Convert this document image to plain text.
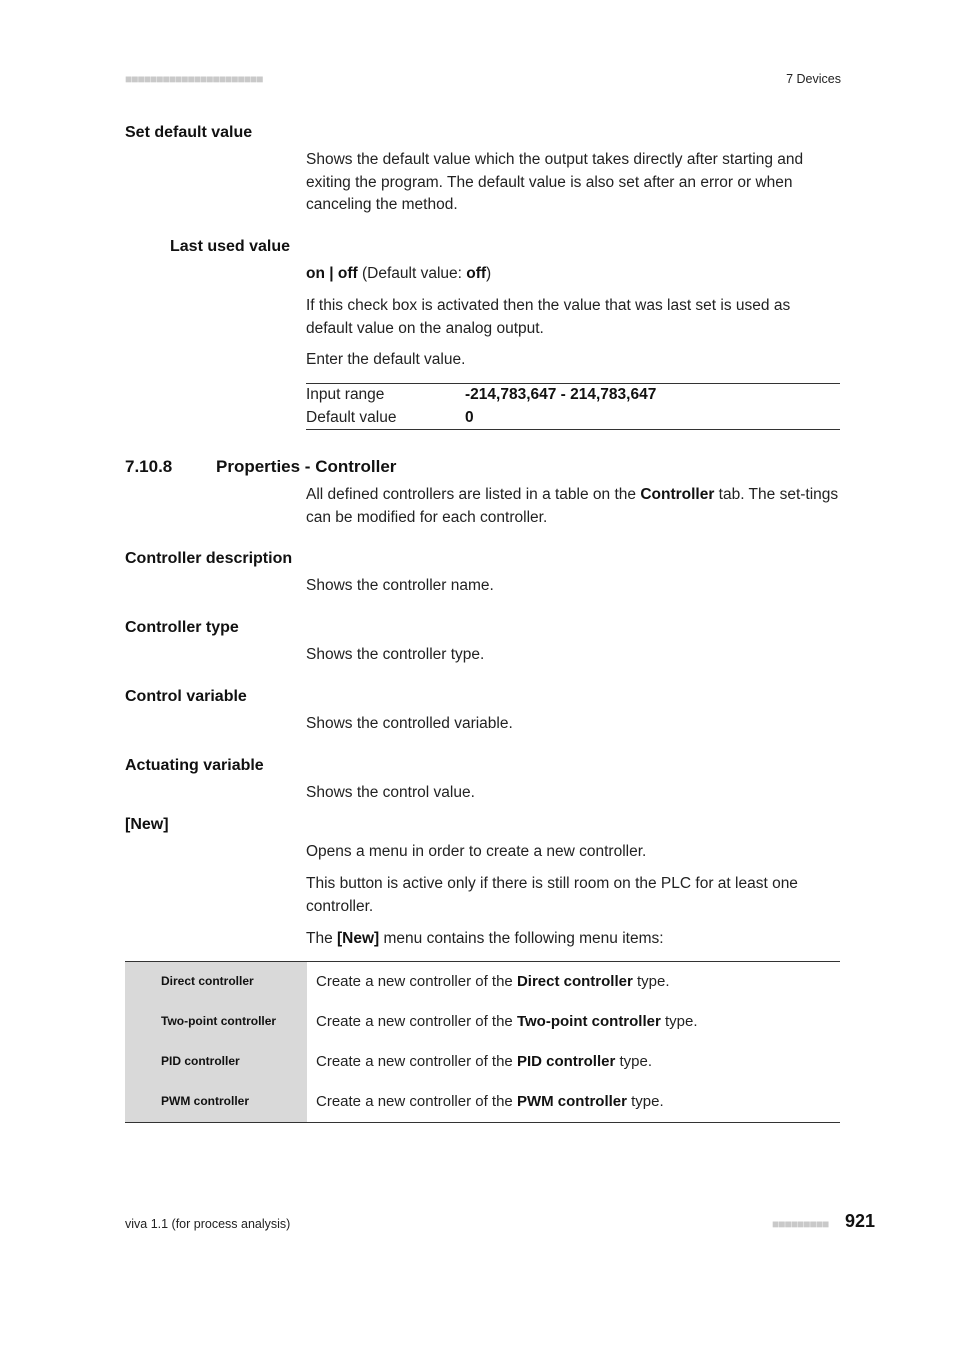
■■■■■■■■■■■■■■■■■■■■■■	7 Devices
Set default value

Shows the default value which the output takes directly after starting and exiting the program. The default value is also set after an error or when canceling the method.

Last used value
on | off (Default value: off)
If this check box is activated then the value that was last set is used as default value on the analog output.
Enter the default value.
Input range	-214,783,647 - 214,783,647
Default value	0
7.10.8	Properties - Controller
All defined controllers are listed in a table on the Controller tab. The set-tings can be modified for each controller.
Controller description
Shows the controller name.
Controller type
Shows the controller type.
Control variable
Shows the controlled variable.
Actuating variable
Shows the control value.
[New]
Opens a menu in order to create a new controller.
This button is active only if there is still room on the PLC for at least one controller.
The [New] menu contains the following menu items:
Direct controller	Create a new controller of the Direct controller type.
Two-point controller	Create a new controller of the Two-point controller type.
PID controller	Create a new controller of the PID controller type.
PWM controller	Create a new controller of the PWM controller type.
viva 1.1 (for process analysis)	■■■■■■■■■ 921
